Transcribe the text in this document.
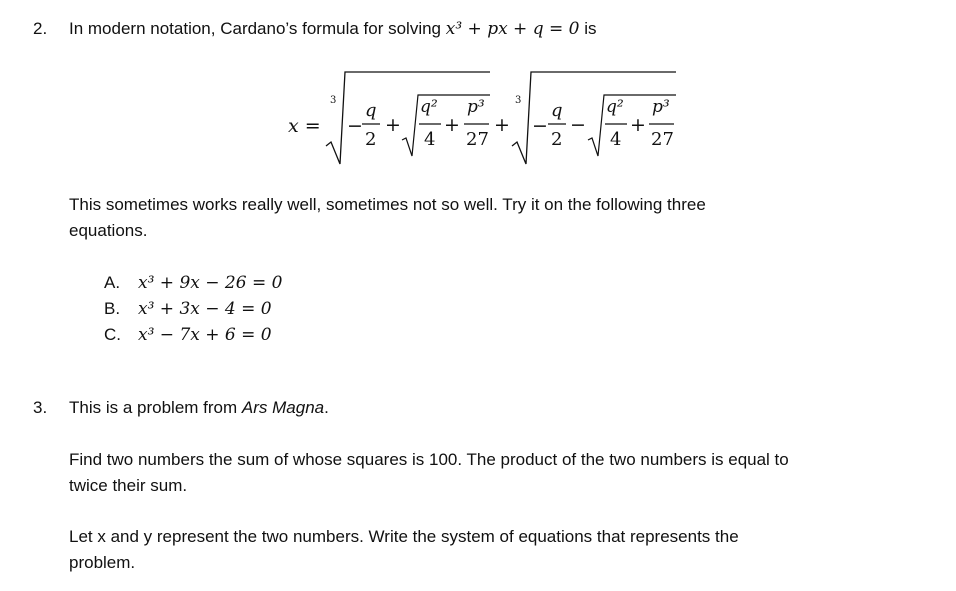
2. In modern notation, Cardano’s formula for solving x³ + px + q = 0 is
x =
3
−
q
2
+
q²
4
+
p³
27
+
3
−
q
2
−
q²
4
+
p³
27
This sometimes works really well, sometimes not so well. Try it on the following three
equations.
A. x³ + 9x − 26 = 0
B. x³ + 3x − 4 = 0
C. x³ − 7x + 6 = 0
3. This is a problem from Ars Magna.
Find two numbers the sum of whose squares is 100. The product of the two numbers is equal to
twice their sum.
Let x and y represent the two numbers. Write the system of equations that represents the
problem.
